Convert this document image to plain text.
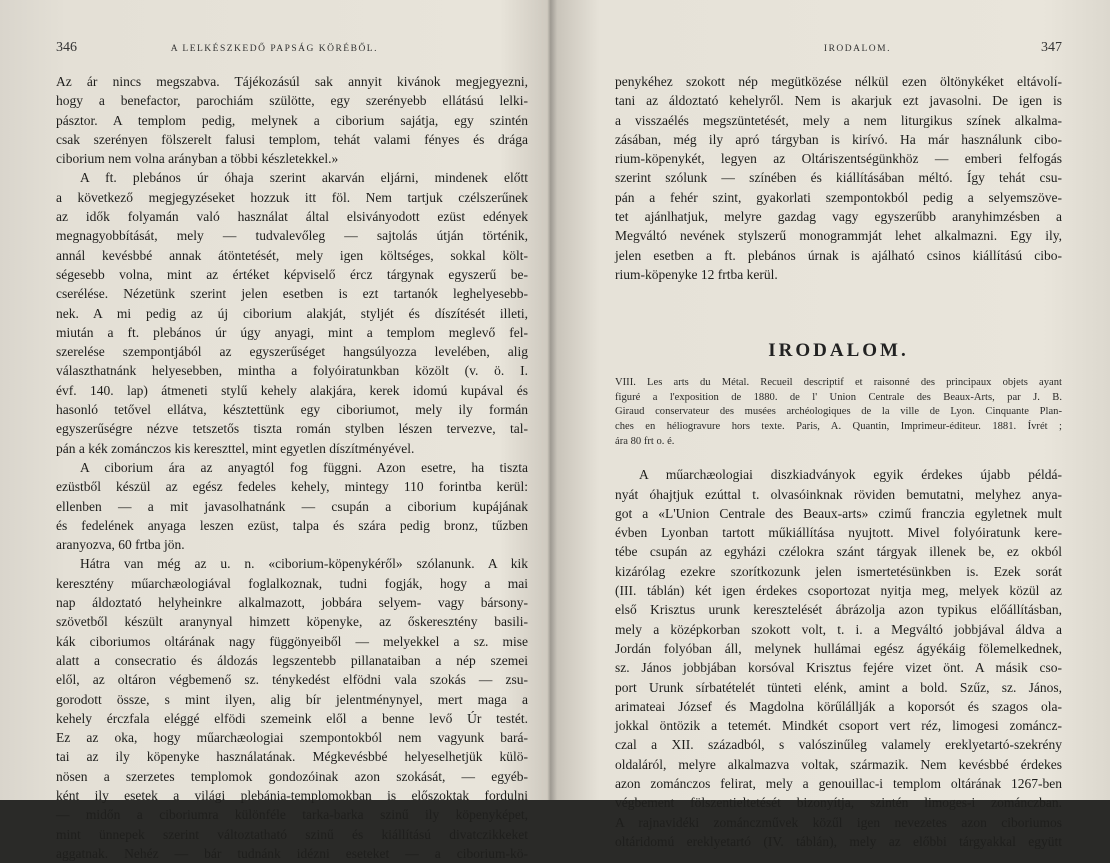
346	A LELKÉSZKEDŐ PAPSÁG KÖRÉBŐL.

Az ár nincs megszabva. Tájékozásúl sak annyit kivánok megjegyezni,

hogy a benefactor, parochiám szülötte, egy szerényebb ellátású lelki-

pásztor. A templom pedig, melynek a ciborium sajátja, egy szintén

csak szerényen fölszerelt falusi templom, tehát valami fényes és drága

ciborium nem volna arányban a többi készletekkel.»

A ft. plebános úr óhaja szerint akarván eljárni, mindenek előtt

a következő megjegyzéseket hozzuk itt föl. Nem tartjuk czélszerűnek

az idők folyamán való használat által elsiványodott ezüst edények

megnagyobbítását, mely — tudvalevőleg — sajtolás útján történik,

annál kevésbbé annak átöntetését, mely igen költséges, sokkal költ-

ségesebb volna, mint az értéket képviselő ércz tárgynak egyszerű be-

cserélése. Nézetünk szerint jelen esetben is ezt tartanók leghelyesebb-

nek. A mi pedig az új ciborium alakját, styljét és díszítését illeti,

miután a ft. plebános úr úgy anyagi, mint a templom meglevő fel-

szerelése szempontjából az egyszerűséget hangsúlyozza levelében, alig

választhatnánk helyesebben, mintha a folyóiratunkban közölt (v. ö. I.

évf. 140. lap) átmeneti stylű kehely alakjára, kerek idomú kupával és

hasonló tetővel ellátva, késztettünk egy ciboriumot, mely ily formán

egyszerűségre nézve tetszetős tiszta román stylben lészen tervezve, tal-

pán a kék zománczos kis kereszttel, mint egyetlen díszítményével.

A ciborium ára az anyagtól fog függni. Azon esetre, ha tiszta

ezüstből készül az egész fedeles kehely, mintegy 110 forintba kerül:

ellenben — a mit javasolhatnánk — csupán a ciborium kupájának

és fedelének anyaga leszen ezüst, talpa és szára pedig bronz, tűzben

aranyozva, 60 frtba jön.

Hátra van még az u. n. «ciborium-köpenykéről» szólanunk. A kik

keresztény műarchæologiával foglalkoznak, tudni fogják, hogy a mai

nap áldoztató helyheinkre alkalmazott, jobbára selyem- vagy bársony-

szövetből készült aranynyal himzett köpenyke, az őskeresztény basili-

kák ciboriumos oltárának nagy függönyeiből — melyekkel a sz. mise

alatt a consecratio és áldozás legszentebb pillanataiban a nép szemei

elől, az oltáron végbemenő sz. ténykedést elfödni vala szokás — zsu-

gorodott össze, s mint ilyen, alig bír jelentménynyel, mert maga a

kehely érczfala eléggé elfödi szemeink elől a benne levő Úr testét.

Ez az oka, hogy műarchæologiai szempontokból nem vagyunk bará-

tai az ily köpenyke használatának. Mégkevésbbé helyeselhetjük külö-

nösen a szerzetes templomok gondozóinak azon szokását, — egyéb-

ként ily esetek a világi plebánia-templomokban is előszoktak fordulni

— midőn a ciboriumra különféle tarka-barka szinű ily köpenyképet,

mint ünnepek szerint változtatható szinű és kiállítású divatczikkeket

aggatnak. Nehéz — bár tudnánk idézni eseteket — a ciborium-kö-

IRODALOM.	347

penykéhez szokott nép megütközése nélkül ezen öltönykéket eltávolí-

tani az áldoztató kehelyről. Nem is akarjuk ezt javasolni. De igen is

a visszaélés megszüntetését, mely a nem liturgikus színek alkalma-

zásában, még ily apró tárgyban is kirívó. Ha már használunk cibo-

rium-köpenykét, legyen az Oltáriszentségünkhöz — emberi felfogás

szerint szólunk — színében és kiállításában méltó. Így tehát csu-

pán a fehér szint, gyakorlati szempontokból pedig a selyemszöve-

tet ajánlhatjuk, melyre gazdag vagy egyszerűbb aranyhimzésben a

Megváltó nevének stylszerű monogrammját lehet alkalmazni. Egy ily,

jelen esetben a ft. plebános úrnak is ajálható csinos kiállítású cibo-

rium-köpenyke 12 frtba kerül.

IRODALOM.

VIII. Les arts du Métal. Recueil descriptif et raisonné des principaux objets ayant

figuré a l'exposition de 1880. de l' Union Centrale des Beaux-Arts, par J. B.

Giraud conservateur des musées archéologiques de la ville de Lyon. Cinquante Plan-

ches en héliogravure hors texte. Paris, A. Quantin, Imprimeur-éditeur. 1881. Ívrét ;

ára 80 frt o. é.

A műarchæologiai diszkiadványok egyik érdekes újabb példá-

nyát óhajtjuk ezúttal t. olvasóinknak röviden bemutatni, melyhez anya-

got a «L'Union Centrale des Beaux-arts» czimű franczia egyletnek mult

évben Lyonban tartott műkiállítása nyujtott. Mivel folyóiratunk kere-

tébe csupán az egyházi czélokra szánt tárgyak illenek be, ez okból

kizárólag ezekre szorítkozunk jelen ismertetésünkben is. Ezek sorát

(III. táblán) két igen érdekes csoportozat nyitja meg, melyek közül az

első Krisztus urunk keresztelését ábrázolja azon typikus előállításban,

mely a középkorban szokott volt, t. i. a Megváltó jobbjával áldva a

Jordán folyóban áll, melynek hullámai egész ágyékáig fölemelkednek,

sz. János jobbjában korsóval Krisztus fejére vizet önt. A másik cso-

port Urunk sírbatételét tünteti elénk, amint a bold. Szűz, sz. János,

arimateai József és Magdolna körűlállják a koporsót és szagos ola-

jokkal öntözik a tetemét. Mindkét csoport vert réz, limogesi zománcz-

czal a XII. századból, s valószinűleg valamely ereklyetartó-szekrény

oldaláról, melyre alkalmazva voltak, származik. Nem kevésbbé érdekes

azon zománczos felirat, mely a genouillac-i templom oltárának 1267-ben

végbement fölszentieltetését bizonyítja, szintén limoges-i zománczban.

A rajnavidéki zománczművek közűl igen nevezetes azon ciboriumos

oltáridomú ereklyetartó (IV. táblán), mely az előbbi tárgyakkal együtt
